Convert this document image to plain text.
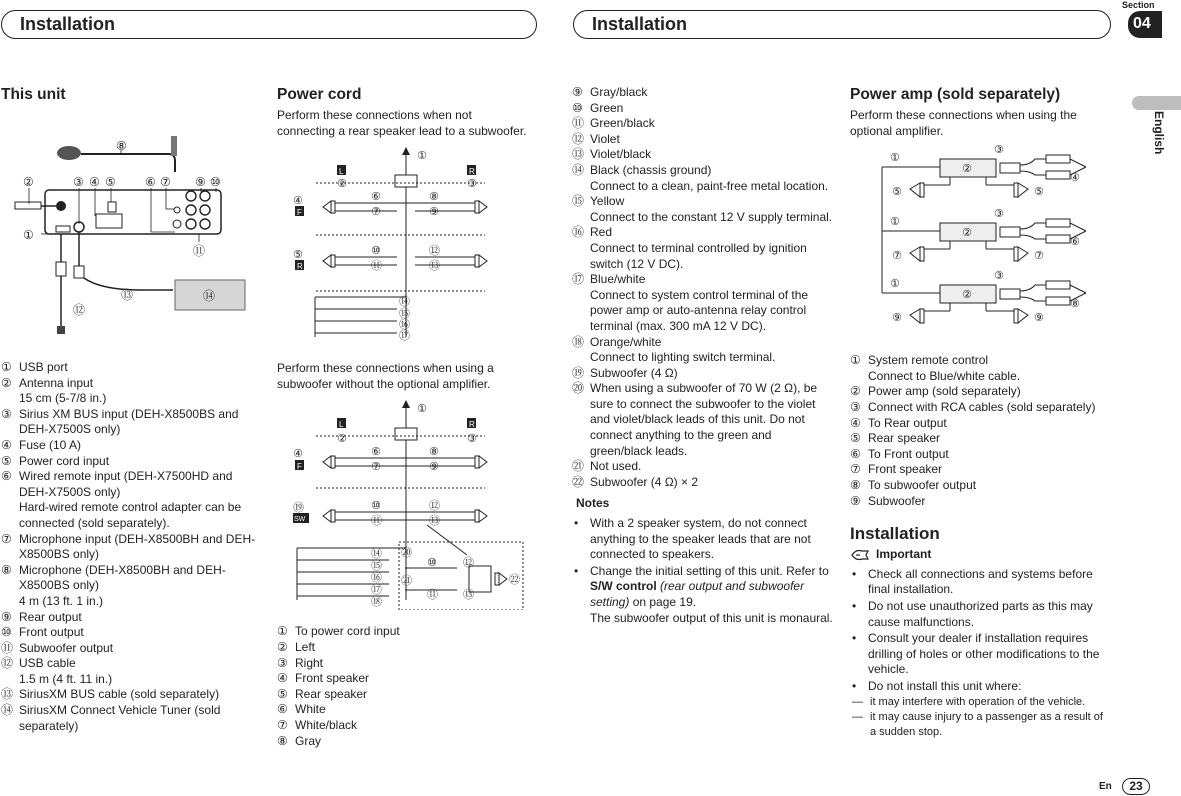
Installation	Installation
Section
04
English
This unit
⑧
②	③ ④ ⑤ ⑥ ⑦ ⑨ ⑩
①
⑪
⑬
⑫
⑭
① USB port
② Antenna input
15 cm (5-7/8 in.)
③ Sirius XM BUS input (DEH-X8500BS and DEH-X7500S only)
④ Fuse (10 A)
⑤ Power cord input
⑥ Wired remote input (DEH-X7500HD and DEH-X7500S only)
Hard-wired remote control adapter can be connected (sold separately).
⑦ Microphone input (DEH-X8500BH and DEH-X8500BS only)
⑧ Microphone (DEH-X8500BH and DEH-X8500BS only)
4 m (13 ft. 1 in.)
⑨ Rear output
⑩ Front output
⑪ Subwoofer output
⑫ USB cable
1.5 m (4 ft. 11 in.)
⑬ SiriusXM BUS cable (sold separately)
⑭ SiriusXM Connect Vehicle Tuner (sold separately)
Power cord
Perform these connections when not connecting a rear speaker lead to a subwoofer.
L	R
F
R
①
②	③
④
⑤
⑥
⑦
⑧
⑨
⑩
⑪
⑫
⑬
⑭
⑮
⑯
⑰
Perform these connections when using a subwoofer without the optional amplifier.
L	R
F
SW
①
②	③
④
⑲
⑥
⑦
⑧
⑨
⑩
⑪
⑫
⑬
⑭
⑮
⑯
⑰
⑱
⑳
㉑
⑩
⑪
⑫
⑬
㉒
① To power cord input
② Left
③ Right
④ Front speaker
⑤ Rear speaker
⑥ White
⑦ White/black
⑧ Gray
⑨ Gray/black
⑩ Green
⑪ Green/black
⑫ Violet
⑬ Violet/black
⑭ Black (chassis ground)
Connect to a clean, paint-free metal location.
⑮ Yellow
Connect to the constant 12 V supply terminal.
⑯ Red
Connect to terminal controlled by ignition switch (12 V DC).
⑰ Blue/white
Connect to system control terminal of the power amp or auto-antenna relay control terminal (max. 300 mA 12 V DC).
⑱ Orange/white
Connect to lighting switch terminal.
⑲ Subwoofer (4 Ω)
⑳ When using a subwoofer of 70 W (2 Ω), be sure to connect the subwoofer to the violet and violet/black leads of this unit. Do not connect anything to the green and green/black leads.
㉑ Not used.
㉒ Subwoofer (4 Ω) × 2
Notes
• With a 2 speaker system, do not connect anything to the speaker leads that are not connected to speakers.
• Change the initial setting of this unit. Refer to S/W control (rear output and subwoofer setting) on page 19.
The subwoofer output of this unit is monaural.
Power amp (sold separately)
Perform these connections when using the optional amplifier.
①
①
①
②
②
②
③
③
③
④
⑥
⑧
⑤	⑤
⑦	⑦
⑨	⑨
① System remote control
Connect to Blue/white cable.
② Power amp (sold separately)
③ Connect with RCA cables (sold separately)
④ To Rear output
⑤ Rear speaker
⑥ To Front output
⑦ Front speaker
⑧ To subwoofer output
⑨ Subwoofer
Installation
Important
• Check all connections and systems before final installation.
• Do not use unauthorized parts as this may cause malfunctions.
• Consult your dealer if installation requires drilling of holes or other modifications to the vehicle.
• Do not install this unit where:
— it may interfere with operation of the vehicle.
— it may cause injury to a passenger as a result of a sudden stop.
En	23
